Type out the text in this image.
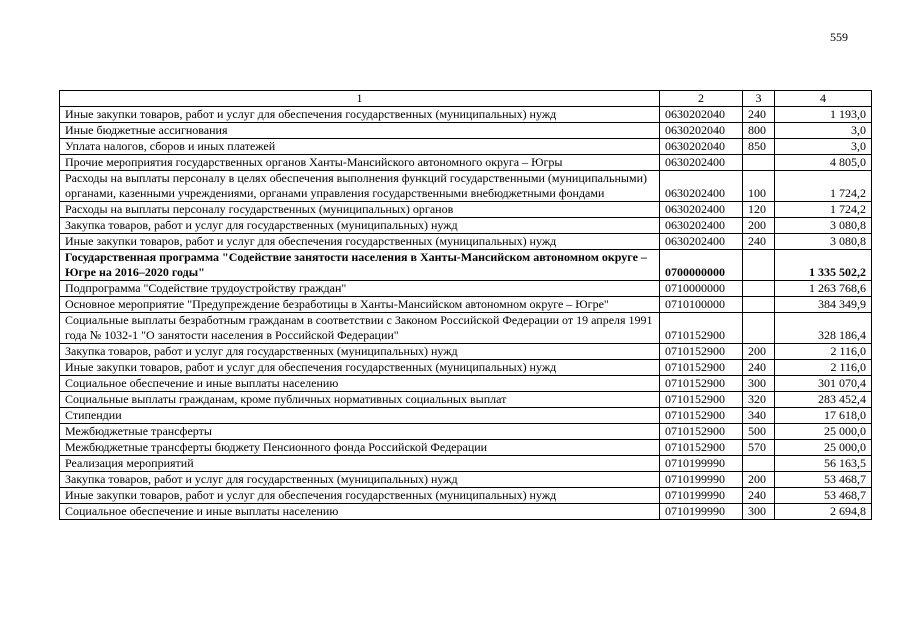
559
1	2	3	4
Иные закупки товаров, работ и услуг для обеспечения государственных (муниципальных) нужд	0630202040	240	1 193,0
Иные бюджетные ассигнования	0630202040	800	3,0
Уплата налогов, сборов и иных платежей	0630202040	850	3,0
Прочие мероприятия государственных органов Ханты-Мансийского автономного округа – Югры	0630202400		4 805,0
Расходы на выплаты персоналу в целях обеспечения выполнения функций государственными (муниципальными) органами, казенными учреждениями, органами управления государственными внебюджетными фондами	0630202400	100	1 724,2
Расходы на выплаты персоналу государственных (муниципальных) органов	0630202400	120	1 724,2
Закупка товаров, работ и услуг для государственных (муниципальных) нужд	0630202400	200	3 080,8
Иные закупки товаров, работ и услуг для обеспечения государственных (муниципальных) нужд	0630202400	240	3 080,8
Государственная программа "Содействие занятости населения в Ханты-Мансийском автономном округе – Югре на 2016–2020 годы"	0700000000		1 335 502,2
Подпрограмма "Содействие трудоустройству граждан"	0710000000		1 263 768,6
Основное мероприятие "Предупреждение безработицы в Ханты-Мансийском автономном округе – Югре"	0710100000		384 349,9
Социальные выплаты безработным гражданам в соответствии с Законом Российской Федерации от 19 апреля 1991 года № 1032-1 "О занятости населения в Российской Федерации"	0710152900		328 186,4
Закупка товаров, работ и услуг для государственных (муниципальных) нужд	0710152900	200	2 116,0
Иные закупки товаров, работ и услуг для обеспечения государственных (муниципальных) нужд	0710152900	240	2 116,0
Социальное обеспечение и иные выплаты населению	0710152900	300	301 070,4
Социальные выплаты гражданам, кроме публичных нормативных социальных выплат	0710152900	320	283 452,4
Стипендии	0710152900	340	17 618,0
Межбюджетные трансферты	0710152900	500	25 000,0
Межбюджетные трансферты бюджету Пенсионного фонда Российской Федерации	0710152900	570	25 000,0
Реализация мероприятий	0710199990		56 163,5
Закупка товаров, работ и услуг для государственных (муниципальных) нужд	0710199990	200	53 468,7
Иные закупки товаров, работ и услуг для обеспечения государственных (муниципальных) нужд	0710199990	240	53 468,7
Социальное обеспечение и иные выплаты населению	0710199990	300	2 694,8
